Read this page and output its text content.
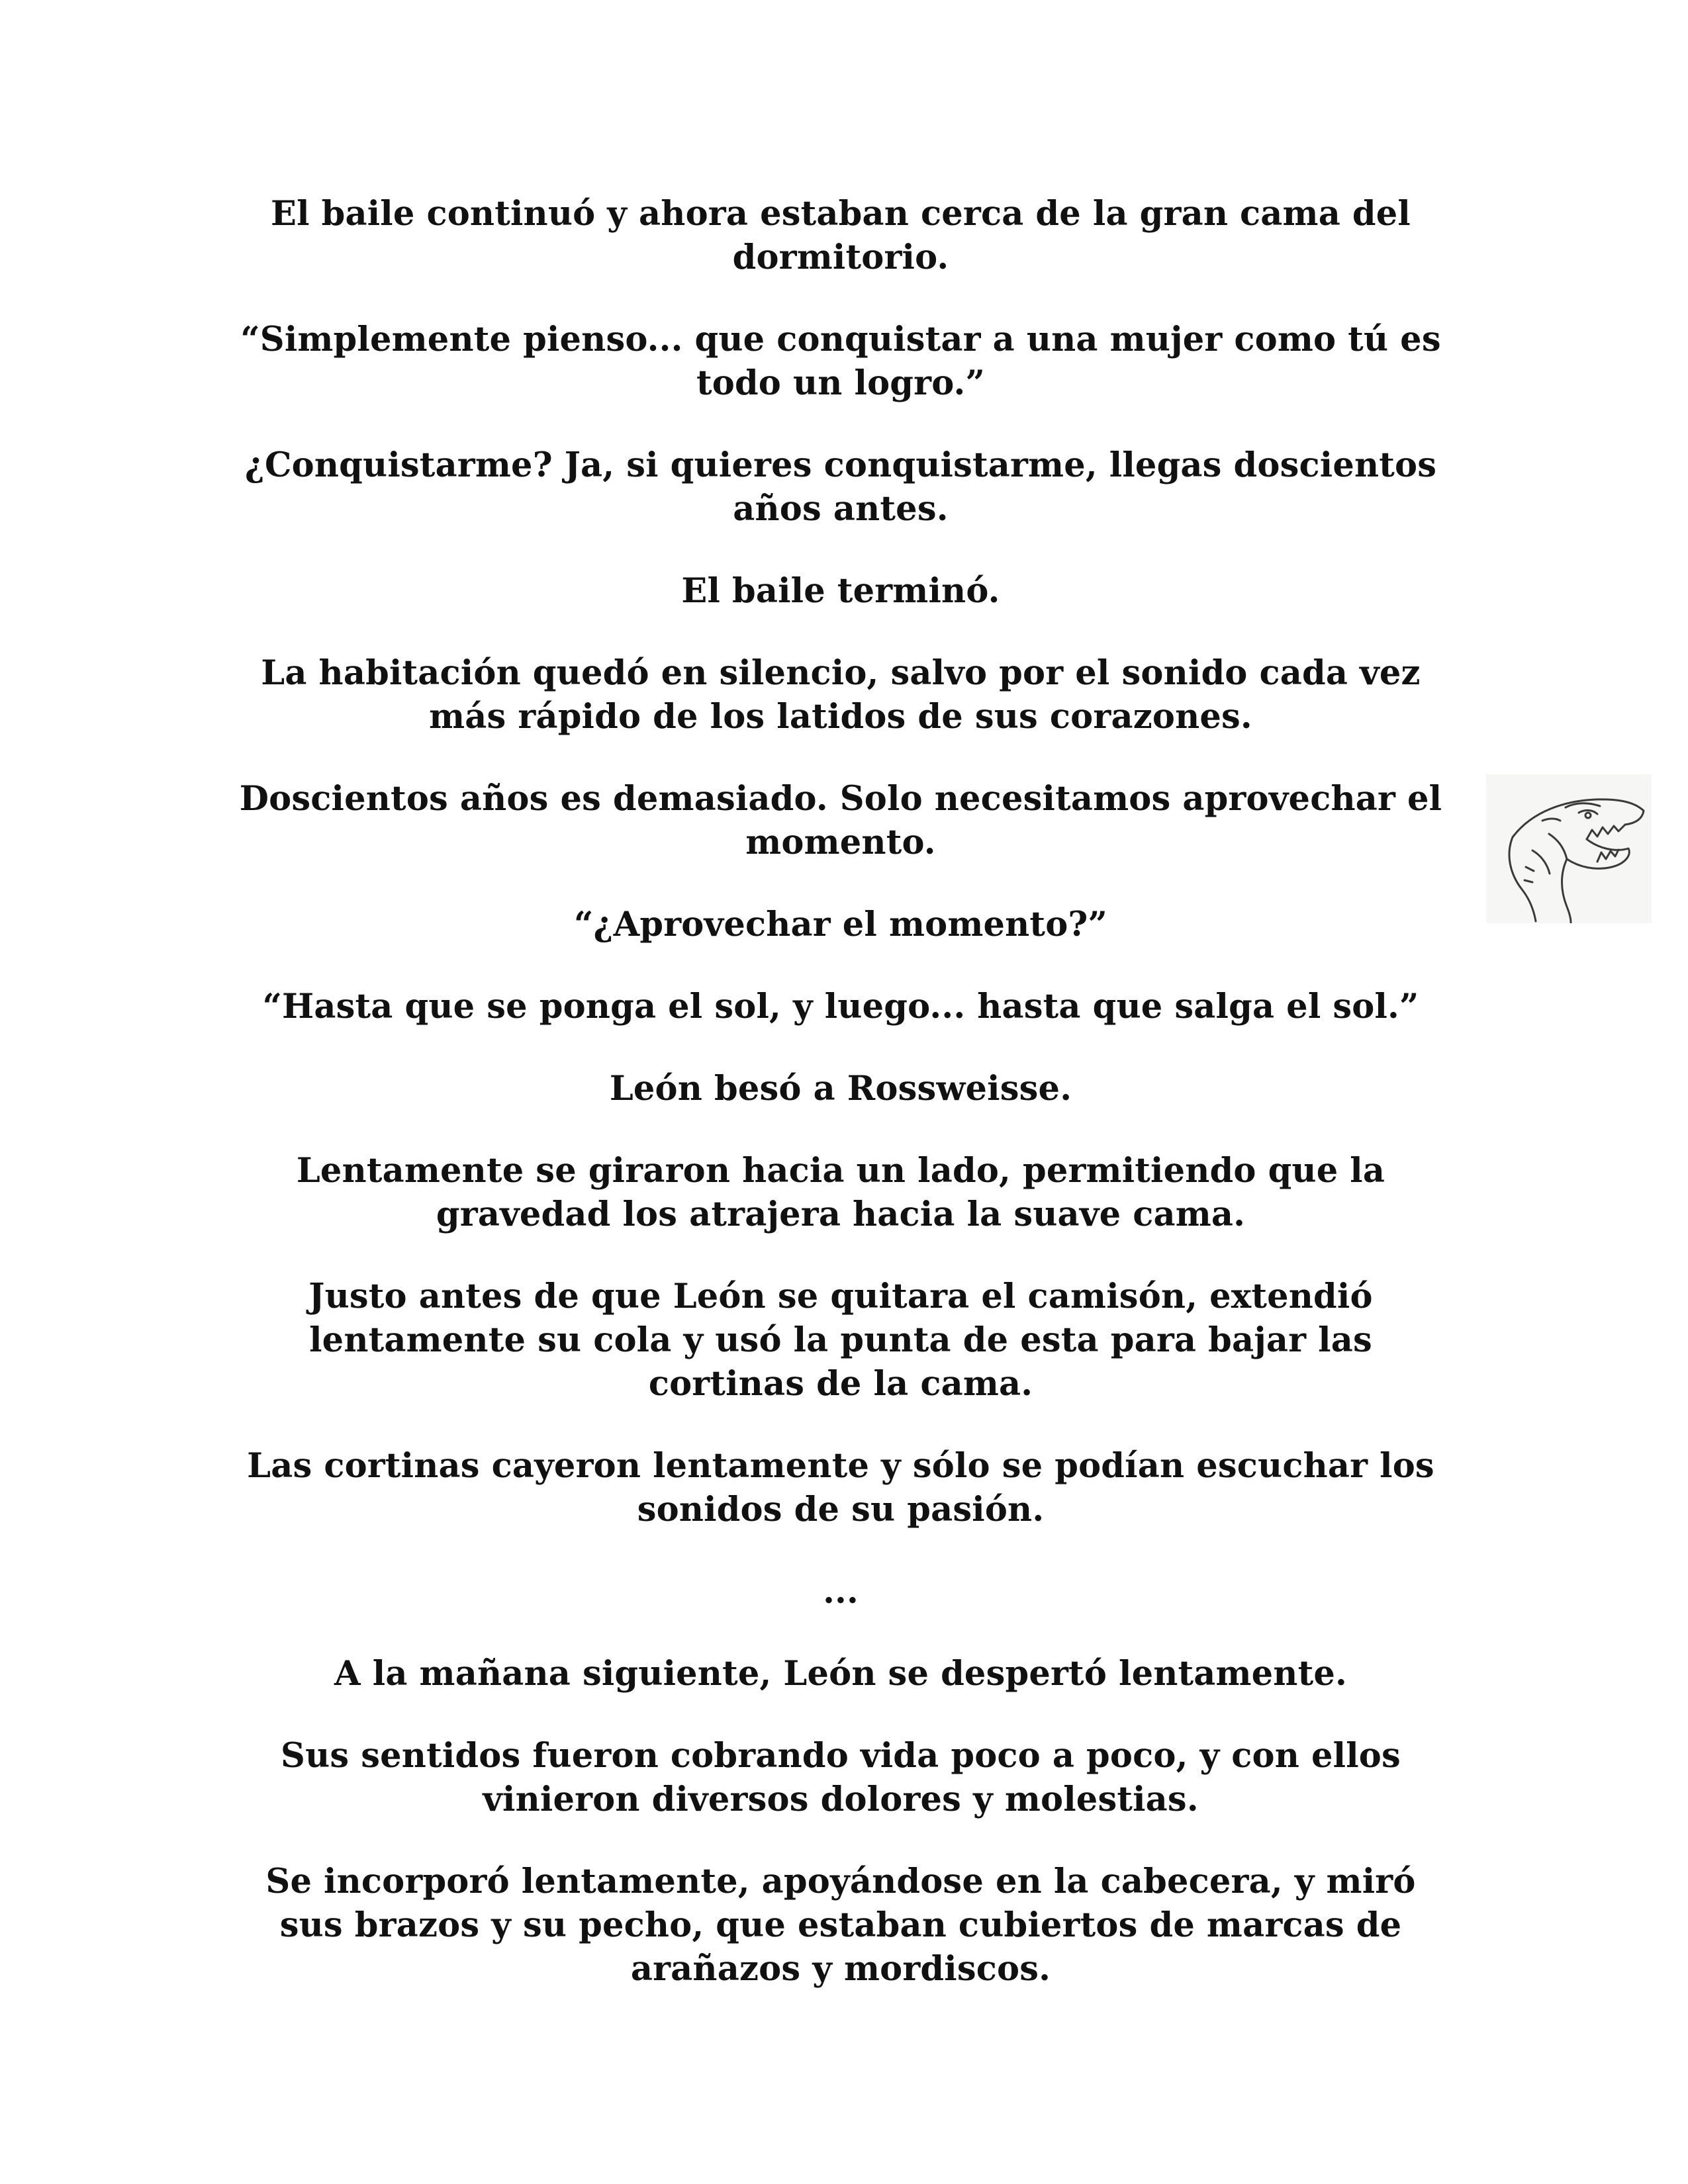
El baile continuó y ahora estaban cerca de la gran cama del
dormitorio.

“Simplemente pienso... que conquistar a una mujer como tú es
todo un logro.”

¿Conquistarme? Ja, si quieres conquistarme, llegas doscientos
años antes.

El baile terminó.

La habitación quedó en silencio, salvo por el sonido cada vez
más rápido de los latidos de sus corazones.

Doscientos años es demasiado. Solo necesitamos aprovechar el
momento.

“¿Aprovechar el momento?”

“Hasta que se ponga el sol, y luego... hasta que salga el sol.”

León besó a Rossweisse.

Lentamente se giraron hacia un lado, permitiendo que la
gravedad los atrajera hacia la suave cama.

Justo antes de que León se quitara el camisón, extendió
lentamente su cola y usó la punta de esta para bajar las
cortinas de la cama.

Las cortinas cayeron lentamente y sólo se podían escuchar los
sonidos de su pasión.

...

A la mañana siguiente, León se despertó lentamente.

Sus sentidos fueron cobrando vida poco a poco, y con ellos
vinieron diversos dolores y molestias.

Se incorporó lentamente, apoyándose en la cabecera, y miró
sus brazos y su pecho, que estaban cubiertos de marcas de
arañazos y mordiscos.
